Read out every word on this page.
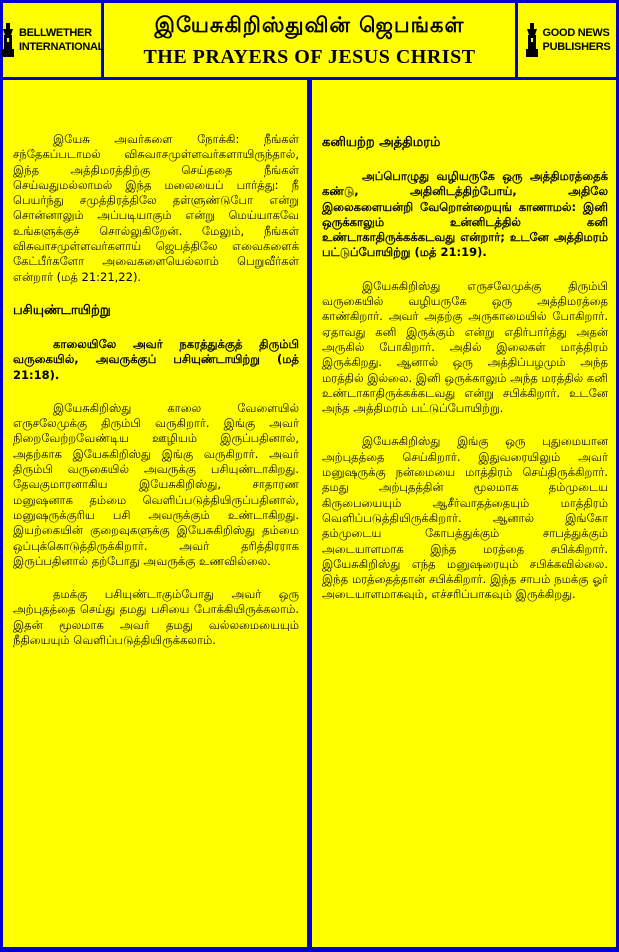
BELLWETHER
INTERNATIONAL
இயேசுகிறிஸ்துவின் ஜெபங்கள்
THE PRAYERS OF JESUS CHRIST
GOOD NEWS
PUBLISHERS

இயேசு அவர்களை நோக்கி: நீங்கள் சந்தேகப்படாமல் விசுவாசமுள்ளவர்களாயிருந்தால், இந்த அத்திமரத்திற்கு செய்ததை நீங்கள் செய்வதுமல்லாமல் இந்த மலையைப் பார்த்து: நீ பெயர்ந்து சமுத்திரத்திலே தள்ளுண்டுபோ என்று சொன்னாலும் அப்படியாகும் என்று மெய்யாகவே உங்களுக்குச் சொல்லுகிறேன். மேலும், நீங்கள் விசுவாசமுள்ளவர்களாய் ஜெபத்திலே எவைகளைக் கேட்பீர்களோ அவைகளையெல்லாம் பெறுவீர்கள் என்றார் (மத் 21:21,22).

பசியுண்டாயிற்று

காலையிலே அவர் நகரத்துக்குத் திரும்பி வருகையில், அவருக்குப் பசியுண்டாயிற்று (மத் 21:18).

இயேசுகிறிஸ்து காலை வேளையில் எருசலேமுக்கு திரும்பி வருகிறார். இங்கு அவர் நிறைவேற்றவேண்டிய ஊழியம் இருப்பதினால், அதற்காக இயேசுகிறிஸ்து இங்கு வருகிறார். அவர் திரும்பி வருகையில் அவருக்கு பசியுண்டாகிறது. தேவகுமாரனாகிய இயேசுகிறிஸ்து, சாதாரண மனுஷனாக தம்மை வெளிப்படுத்தியிருப்பதினால், மனுஷருக்குரிய பசி அவருக்கும் உண்டாகிறது. இயற்கையின் குறைவுகளுக்கு இயேசுகிறிஸ்து தம்மை ஒப்புக்கொடுத்திருக்கிறார். அவர் தரித்திரராக இருப்பதினால் தற்போது அவருக்கு உணவில்லை.

தமக்கு பசியுண்டாகும்போது அவர் ஒரு அற்புதத்தை செய்து தமது பசியை போக்கியிருக்கலாம். இதன் மூலமாக அவர் தமது வல்லமையையும் நீதியையும் வெளிப்படுத்தியிருக்கலாம்.

கனியற்ற அத்திமரம்

அப்பொழுது வழியருகே ஒரு அத்திமரத்தைக் கண்டு, அதினிடத்திற்போய், அதிலே இலைகளையன்றி வேறொன்றையுங் காணாமல்: இனி ஒருக்காலும் உன்னிடத்தில் கனி உண்டாகாதிருக்கக்கடவது என்றார்; உடனே அத்திமரம் பட்டுப்போயிற்று (மத் 21:19).

இயேசுகிறிஸ்து எருசலேமுக்கு திரும்பி வருகையில் வழியருகே ஒரு அத்திமரத்தை காண்கிறார். அவர் அதற்கு அருகாமையில் போகிறார். ஏதாவது கனி இருக்கும் என்று எதிர்பார்த்து அதன் அருகில் போகிறார். அதில் இலைகள் மாத்திரம் இருக்கிறது. ஆனால் ஒரு அத்திப்பழமும் அந்த மரத்தில் இல்லை. இனி ஒருக்காலும் அந்த மரத்தில் கனி உண்டாகாதிருக்கக்கடவது என்று சபிக்கிறார். உடனே அந்த அத்திமரம் பட்டுப்போயிற்று.

இயேசுகிறிஸ்து இங்கு ஒரு புதுமையான அற்புதத்தை செய்கிறார். இதுவரையிலும் அவர் மனுஷருக்கு நன்மையை மாத்திரம் செய்திருக்கிறார். தமது அற்புதத்தின் மூலமாக தம்முடைய கிருபையையும் ஆசீர்வாதத்தையும் மாத்திரம் வெளிப்படுத்தியிருக்கிறார். ஆனால் இங்கோ தம்முடைய கோபத்துக்கும் சாபத்துக்கும் அடையாளமாக இந்த மரத்தை சபிக்கிறார். இயேசுகிறிஸ்து எந்த மனுஷரையும் சபிக்கவில்லை. இந்த மரத்தைத்தான் சபிக்கிறார். இந்த சாபம் நமக்கு ஓர் அடையாளமாகவும், எச்சரிப்பாகவும் இருக்கிறது.
